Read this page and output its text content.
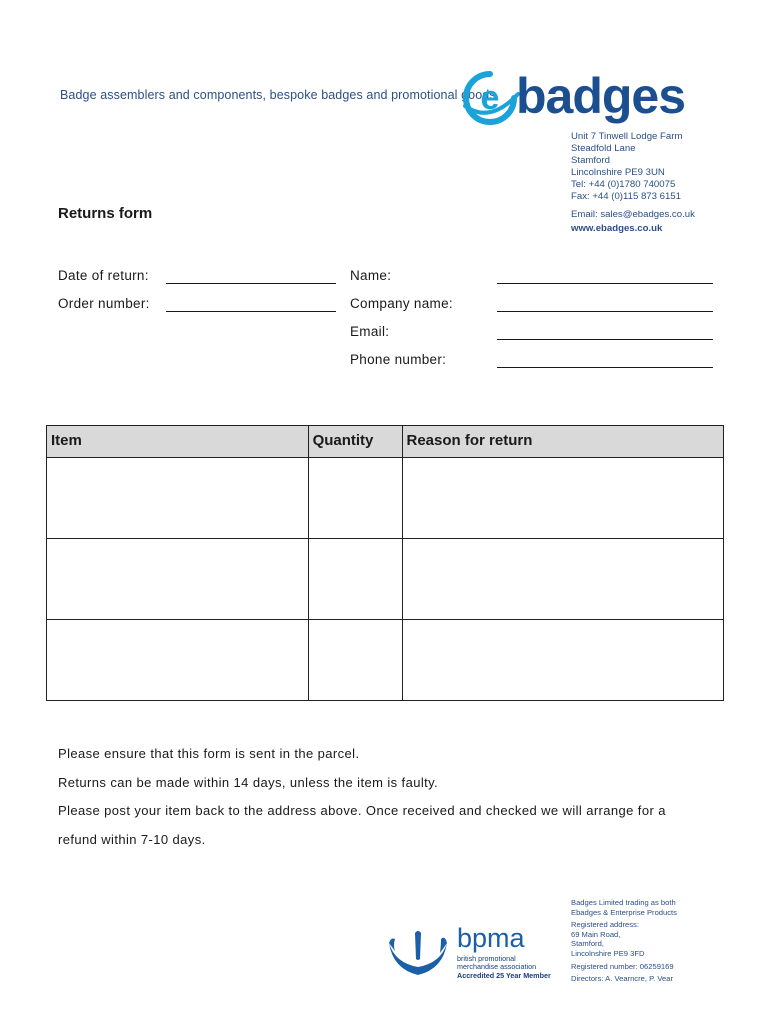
Badge assemblers and components, bespoke badges and promotional goods
e badges
Unit 7 Tinwell Lodge Farm
Steadfold Lane
Stamford
Lincolnshire PE9 3UN
Tel: +44 (0)1780 740075
Fax: +44 (0)115 873 6151
Email: sales@ebadges.co.uk
www.ebadges.co.uk
Returns form
Date of return:
Order number:
Name:
Company name:
Email:
Phone number:
Item	Quantity	Reason for return

Please ensure that this form is sent in the parcel.
Returns can be made within 14 days, unless the item is faulty.
Please post your item back to the address above. Once received and checked we will arrange for a
refund within 7-10 days.
bpma
british promotional
merchandise association
Accredited 25 Year Member
Badges Limited trading as both
Ebadges & Enterprise Products
Registered address:
69 Main Road,
Stamford,
Lincolnshire PE9 3FD
Registered number: 06259169
Directors: A. Vearncre, P. Vear
